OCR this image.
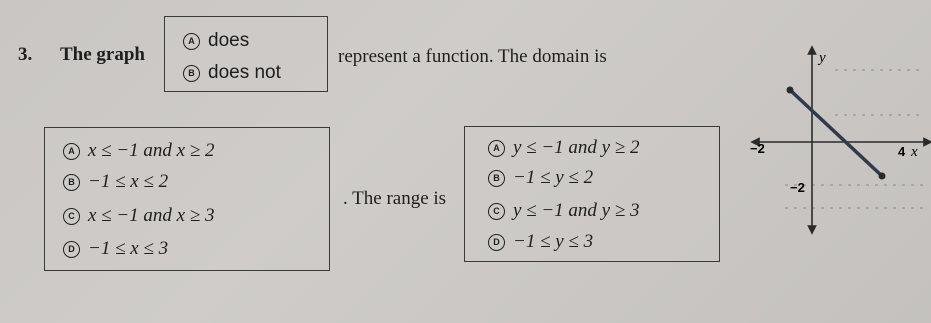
3. The graph
A does
B does not
represent a function. The domain is
A x ≤ −1 and x ≥ 2
B −1 ≤ x ≤ 2
C x ≤ −1 and x ≥ 3
D −1 ≤ x ≤ 3
. The range is
A y ≤ −1 and y ≥ 2
B −1 ≤ y ≤ 2
C y ≤ −1 and y ≥ 3
D −1 ≤ y ≤ 3
y
x
−2	4
−2
